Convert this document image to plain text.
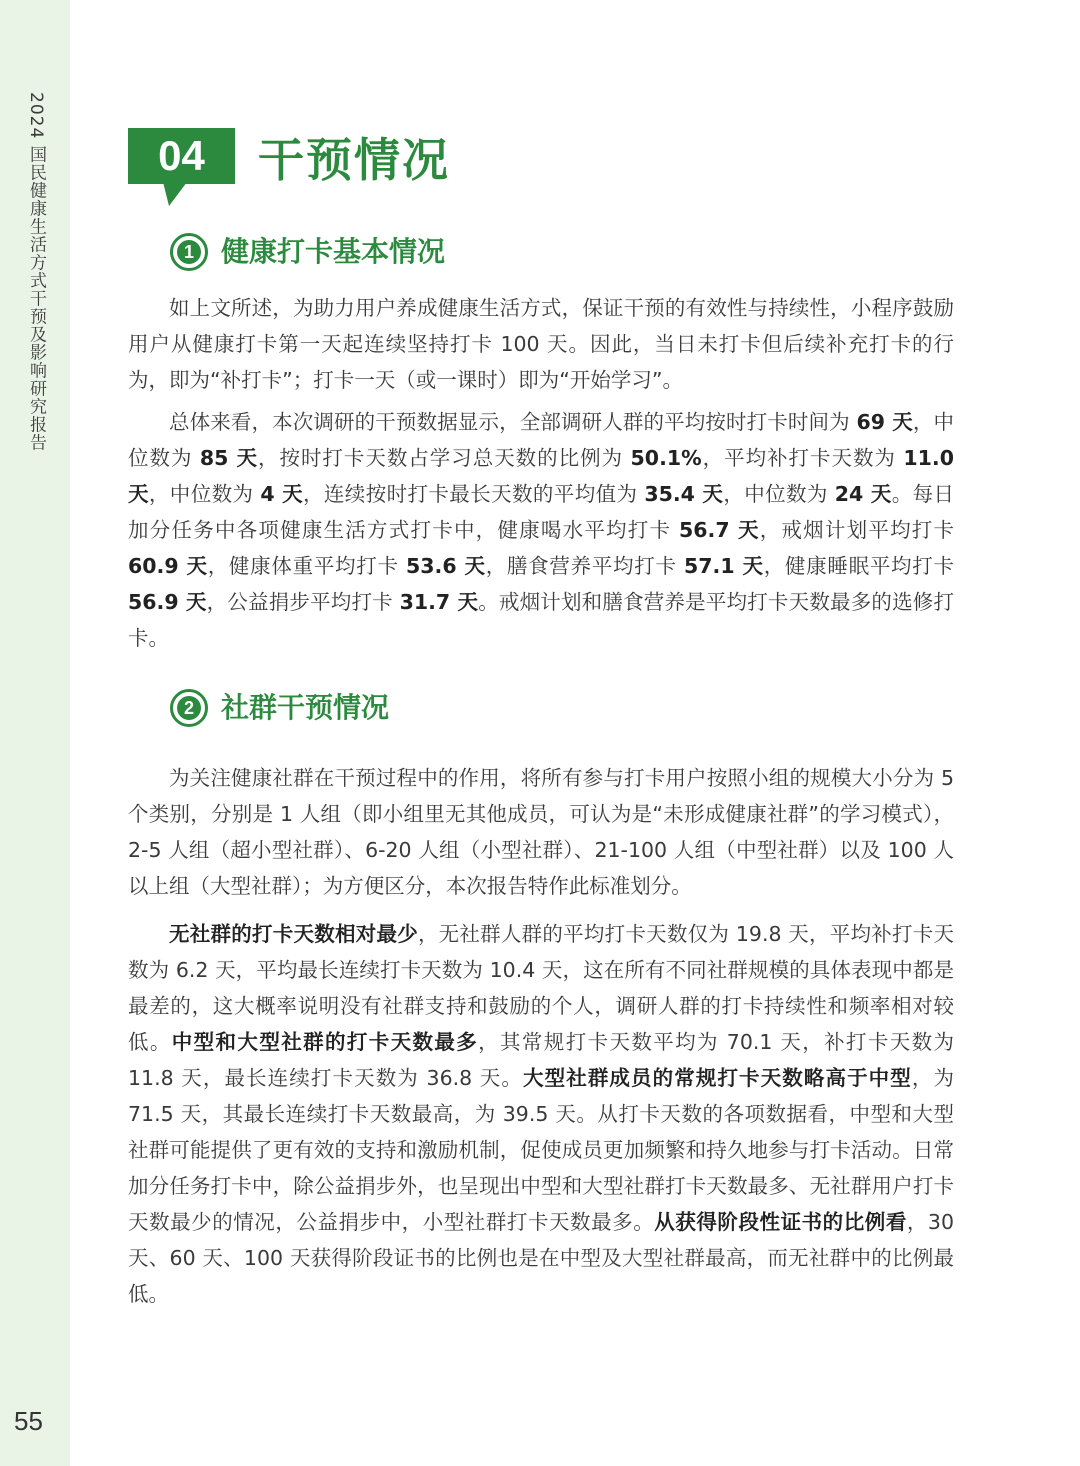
2024 国民健康生活方式干预及影响研究报告
55
04	干预情况
1 健康打卡基本情况

如上文所述，为助力用户养成健康生活方式，保证干预的有效性与持续性，小程序鼓励用户从健康打卡第一天起连续坚持打卡 100 天。因此，当日未打卡但后续补充打卡的行为，即为“补打卡”；打卡一天（或一课时）即为“开始学习”。

总体来看，本次调研的干预数据显示，全部调研人群的平均按时打卡时间为 69 天，中位数为 85 天，按时打卡天数占学习总天数的比例为 50.1%，平均补打卡天数为 11.0 天，中位数为 4 天，连续按时打卡最长天数的平均值为 35.4 天，中位数为 24 天。每日加分任务中各项健康生活方式打卡中，健康喝水平均打卡 56.7 天，戒烟计划平均打卡 60.9 天，健康体重平均打卡 53.6 天，膳食营养平均打卡 57.1 天，健康睡眠平均打卡 56.9 天，公益捐步平均打卡 31.7 天。戒烟计划和膳食营养是平均打卡天数最多的选修打卡。

2 社群干预情况

为关注健康社群在干预过程中的作用，将所有参与打卡用户按照小组的规模大小分为 5 个类别，分别是 1 人组（即小组里无其他成员，可认为是“未形成健康社群”的学习模式），2-5 人组（超小型社群）、6-20 人组（小型社群）、21-100 人组（中型社群）以及 100 人以上组（大型社群）；为方便区分，本次报告特作此标准划分。

无社群的打卡天数相对最少，无社群人群的平均打卡天数仅为 19.8 天，平均补打卡天数为 6.2 天，平均最长连续打卡天数为 10.4 天，这在所有不同社群规模的具体表现中都是最差的，这大概率说明没有社群支持和鼓励的个人，调研人群的打卡持续性和频率相对较低。中型和大型社群的打卡天数最多，其常规打卡天数平均为 70.1 天，补打卡天数为 11.8 天，最长连续打卡天数为 36.8 天。大型社群成员的常规打卡天数略高于中型，为 71.5 天，其最长连续打卡天数最高，为 39.5 天。从打卡天数的各项数据看，中型和大型社群可能提供了更有效的支持和激励机制，促使成员更加频繁和持久地参与打卡活动。日常加分任务打卡中，除公益捐步外，也呈现出中型和大型社群打卡天数最多、无社群用户打卡天数最少的情况，公益捐步中，小型社群打卡天数最多。从获得阶段性证书的比例看，30 天、60 天、100 天获得阶段证书的比例也是在中型及大型社群最高，而无社群中的比例最低。
